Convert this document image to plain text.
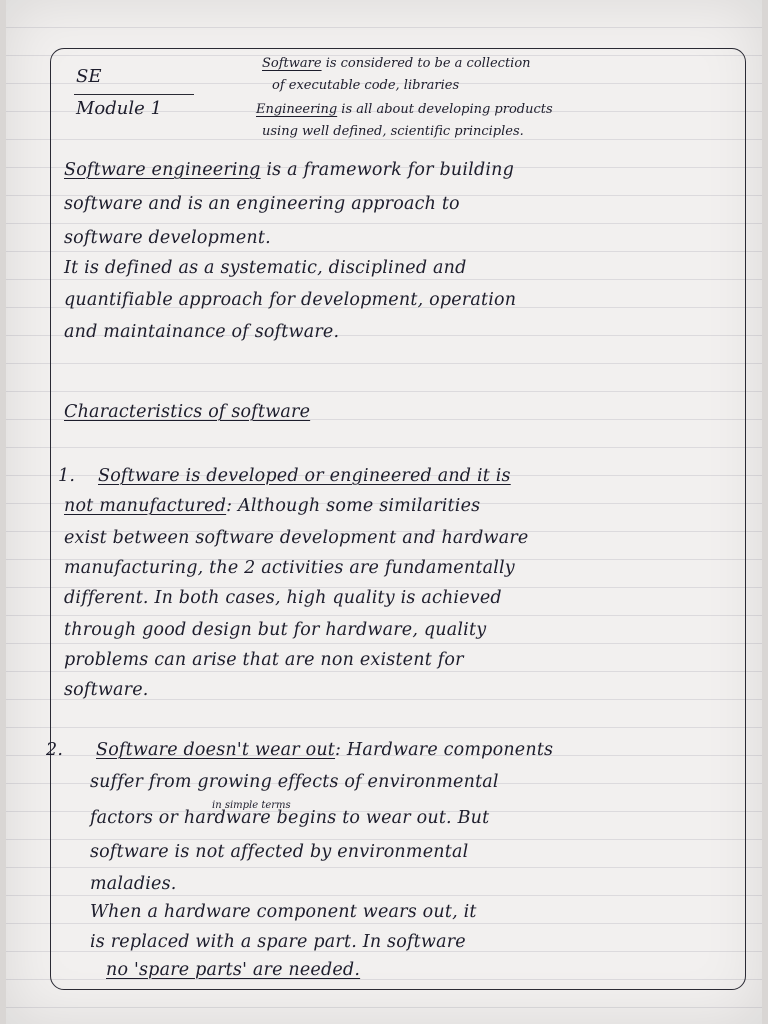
SE
Module 1
Software is considered to be a collection
of executable code, libraries
Engineering is all about developing products
using well defined, scientific principles.
Software engineering is a framework for building
software and is an engineering approach to
software development.
It is defined as a systematic, disciplined and
quantifiable approach for development, operation
and maintainance of software.
Characteristics of software
1. Software is developed or engineered and it is
not manufactured: Although some similarities
exist between software development and hardware
manufacturing, the 2 activities are fundamentally
different. In both cases, high quality is achieved
through good design but for hardware, quality
problems can arise that are non existent for
software.
2. Software doesn't wear out: Hardware components
suffer from growing effects of environmental
in simple terms
factors or hardware begins to wear out. But
software is not affected by environmental
maladies.
When a hardware component wears out, it
is replaced with a spare part. In software
no 'spare parts' are needed.
